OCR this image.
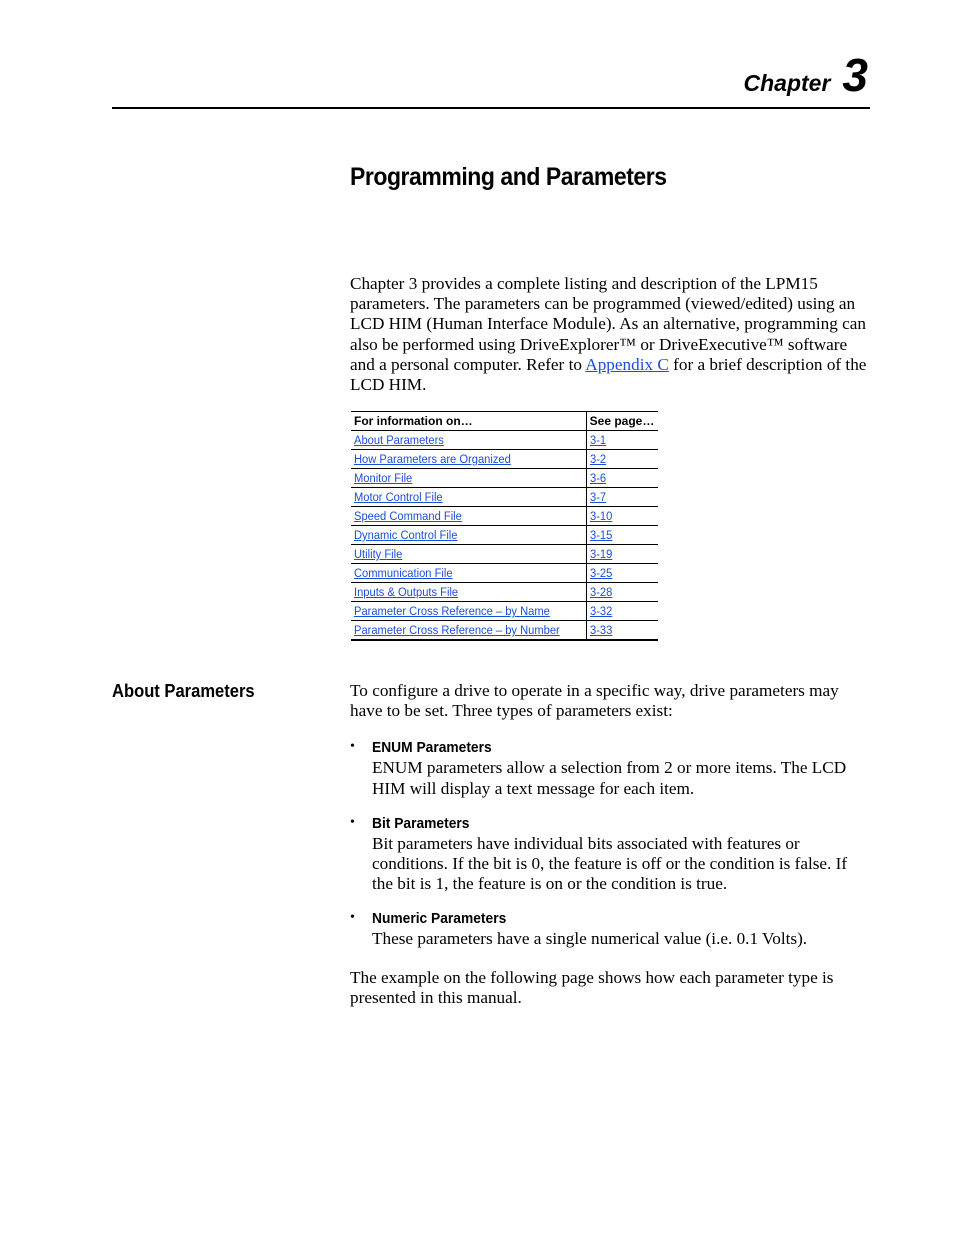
Chapter 3
Programming and Parameters

Chapter 3 provides a complete listing and description of the LPM15 parameters. The parameters can be programmed (viewed/edited) using an LCD HIM (Human Interface Module). As an alternative, programming can also be performed using DriveExplorer™ or DriveExecutive™ software and a personal computer. Refer to Appendix C for a brief description of the LCD HIM.

For information on…	See page…
About Parameters	3-1
How Parameters are Organized	3-2
Monitor File	3-6
Motor Control File	3-7
Speed Command File	3-10
Dynamic Control File	3-15
Utility File	3-19
Communication File	3-25
Inputs & Outputs File	3-28
Parameter Cross Reference – by Name	3-32
Parameter Cross Reference – by Number	3-33
About Parameters	To configure a drive to operate in a specific way, drive parameters may have to be set. Three types of parameters exist:

• ENUM Parameters

ENUM parameters allow a selection from 2 or more items. The LCD HIM will display a text message for each item.

• Bit Parameters

Bit parameters have individual bits associated with features or conditions. If the bit is 0, the feature is off or the condition is false. If the bit is 1, the feature is on or the condition is true.

• Numeric Parameters

These parameters have a single numerical value (i.e. 0.1 Volts).

The example on the following page shows how each parameter type is presented in this manual.
